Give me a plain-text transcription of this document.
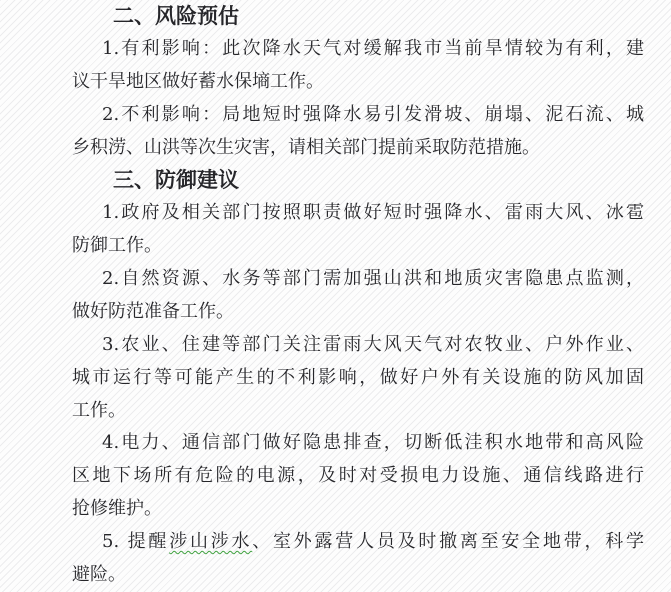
二、风险预估
1.有利影响：此次降水天气对缓解我市当前旱情较为有利，建
议干旱地区做好蓄水保墒工作。
2.不利影响：局地短时强降水易引发滑坡、崩塌、泥石流、城
乡积涝、山洪等次生灾害，请相关部门提前采取防范措施。
三、防御建议
1.政府及相关部门按照职责做好短时强降水、雷雨大风、冰雹
防御工作。
2.自然资源、水务等部门需加强山洪和地质灾害隐患点监测，
做好防范准备工作。
3.农业、住建等部门关注雷雨大风天气对农牧业、户外作业、
城市运行等可能产生的不利影响，做好户外有关设施的防风加固
工作。
4.电力、通信部门做好隐患排查，切断低洼积水地带和高风险
区地下场所有危险的电源，及时对受损电力设施、通信线路进行
抢修维护。
5. 提醒涉山涉水、室外露营人员及时撤离至安全地带，科学
避险。
